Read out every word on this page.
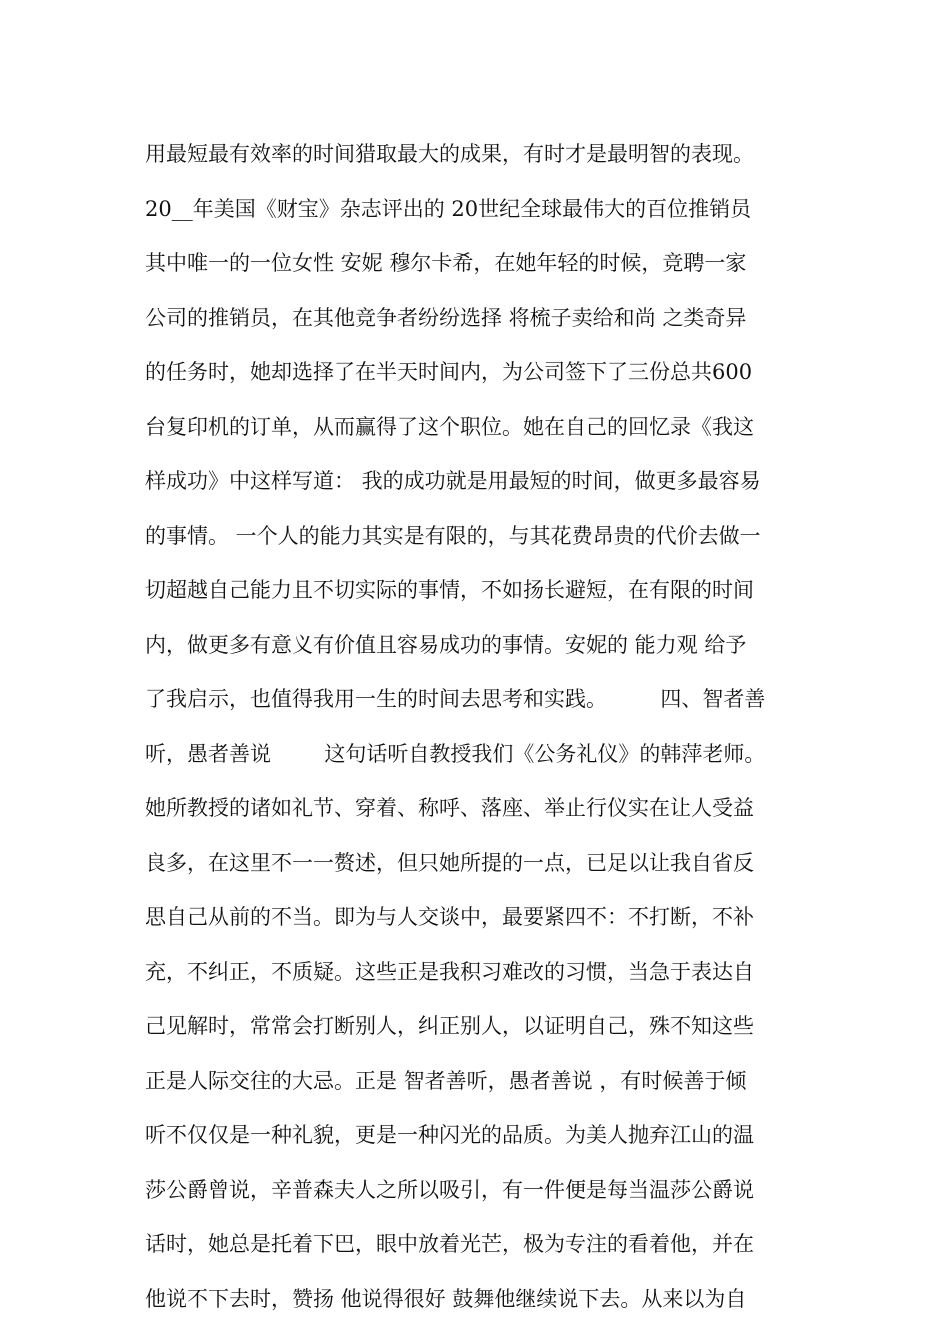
用最短最有效率的时间猎取最大的成果，有时才是最明智的表现。
20__年美国《财宝》杂志评出的 20世纪全球最伟大的百位推销员
其中唯一的一位女性 安妮 穆尔卡希，在她年轻的时候，竞聘一家
公司的推销员，在其他竞争者纷纷选择 将梳子卖给和尚 之类奇异
的任务时，她却选择了在半天时间内，为公司签下了三份总共600
台复印机的订单，从而赢得了这个职位。她在自己的回忆录《我这
样成功》中这样写道： 我的成功就是用最短的时间，做更多最容易
的事情。 一个人的能力其实是有限的，与其花费昂贵的代价去做一
切超越自己能力且不切实际的事情，不如扬长避短，在有限的时间
内，做更多有意义有价值且容易成功的事情。安妮的 能力观 给予
了我启示，也值得我用一生的时间去思考和实践。        四、智者善
听，愚者善说        这句话听自教授我们《公务礼仪》的韩萍老师。
她所教授的诸如礼节、穿着、称呼、落座、举止行仪实在让人受益
良多，在这里不一一赘述，但只她所提的一点，已足以让我自省反
思自己从前的不当。即为与人交谈中，最要紧四不：不打断，不补
充，不纠正，不质疑。这些正是我积习难改的习惯，当急于表达自
己见解时，常常会打断别人，纠正别人，以证明自己，殊不知这些
正是人际交往的大忌。正是 智者善听，愚者善说 ，有时候善于倾
听不仅仅是一种礼貌，更是一种闪光的品质。为美人抛弃江山的温
莎公爵曾说，辛普森夫人之所以吸引，有一件便是每当温莎公爵说
话时，她总是托着下巴，眼中放着光芒，极为专注的看着他，并在
他说不下去时，赞扬 他说得很好 鼓舞他继续说下去。从来以为自
